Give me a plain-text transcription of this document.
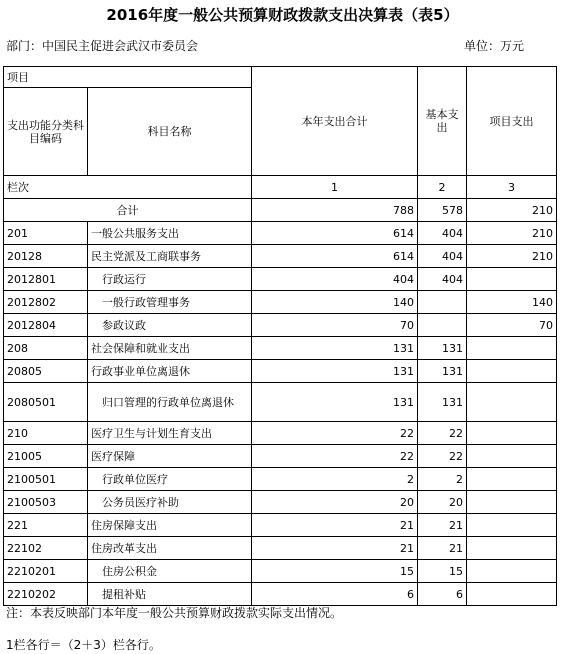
2016年度一般公共预算财政拨款支出决算表（表5）
部门：中国民主促进会武汉市委员会	单位：万元
项目		本年支出合计	基本支出	项目支出
支出功能分类科目编码	科目名称			
栏次		1	2	3
合计		788	578	210
201	一般公共服务支出	614	404	210
20128	民主党派及工商联事务	614	404	210
2012801	行政运行	404	404	
2012802	一般行政管理事务	140		140
2012804	参政议政	70		70
208	社会保障和就业支出	131	131	
20805	行政事业单位离退休	131	131	
2080501	归口管理的行政单位离退休	131	131	
210	医疗卫生与计划生育支出	22	22	
21005	医疗保障	22	22	
2100501	行政单位医疗	2	2	
2100503	公务员医疗补助	20	20	
221	住房保障支出	21	21	
22102	住房改革支出	21	21	
2210201	住房公积金	15	15	
2210202	提租补贴	6	6	
注：本表反映部门本年度一般公共预算财政拨款实际支出情况。
1栏各行＝（2＋3）栏各行。
